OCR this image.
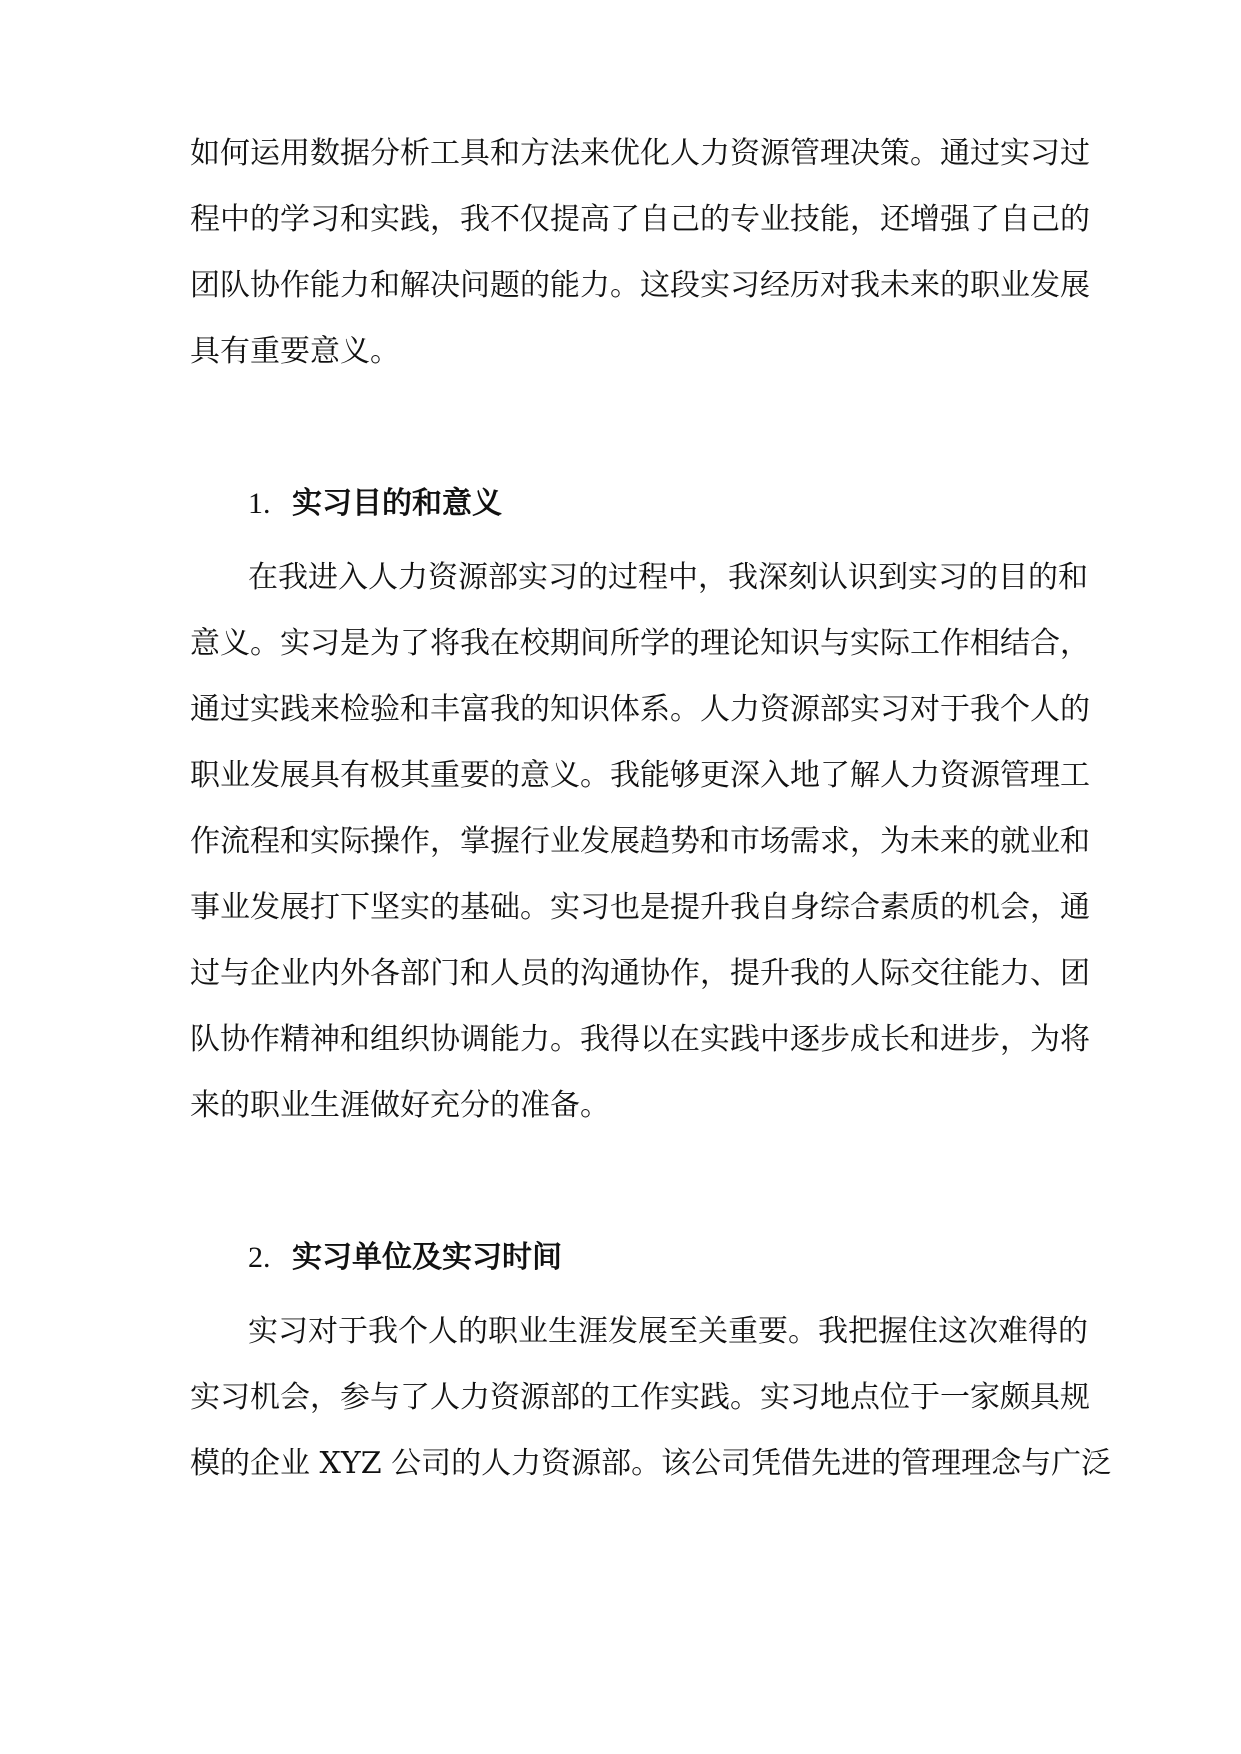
如何运用数据分析工具和方法来优化人力资源管理决策。通过实习过
程中的学习和实践，我不仅提高了自己的专业技能，还增强了自己的
团队协作能力和解决问题的能力。这段实习经历对我未来的职业发展
具有重要意义。
1. 实习目的和意义
在我进入人力资源部实习的过程中，我深刻认识到实习的目的和
意义。实习是为了将我在校期间所学的理论知识与实际工作相结合，
通过实践来检验和丰富我的知识体系。人力资源部实习对于我个人的
职业发展具有极其重要的意义。我能够更深入地了解人力资源管理工
作流程和实际操作，掌握行业发展趋势和市场需求，为未来的就业和
事业发展打下坚实的基础。实习也是提升我自身综合素质的机会，通
过与企业内外各部门和人员的沟通协作，提升我的人际交往能力、团
队协作精神和组织协调能力。我得以在实践中逐步成长和进步，为将
来的职业生涯做好充分的准备。
2. 实习单位及实习时间
实习对于我个人的职业生涯发展至关重要。我把握住这次难得的
实习机会，参与了人力资源部的工作实践。实习地点位于一家颇具规
模的企业 XYZ 公司的人力资源部。该公司凭借先进的管理理念与广泛
